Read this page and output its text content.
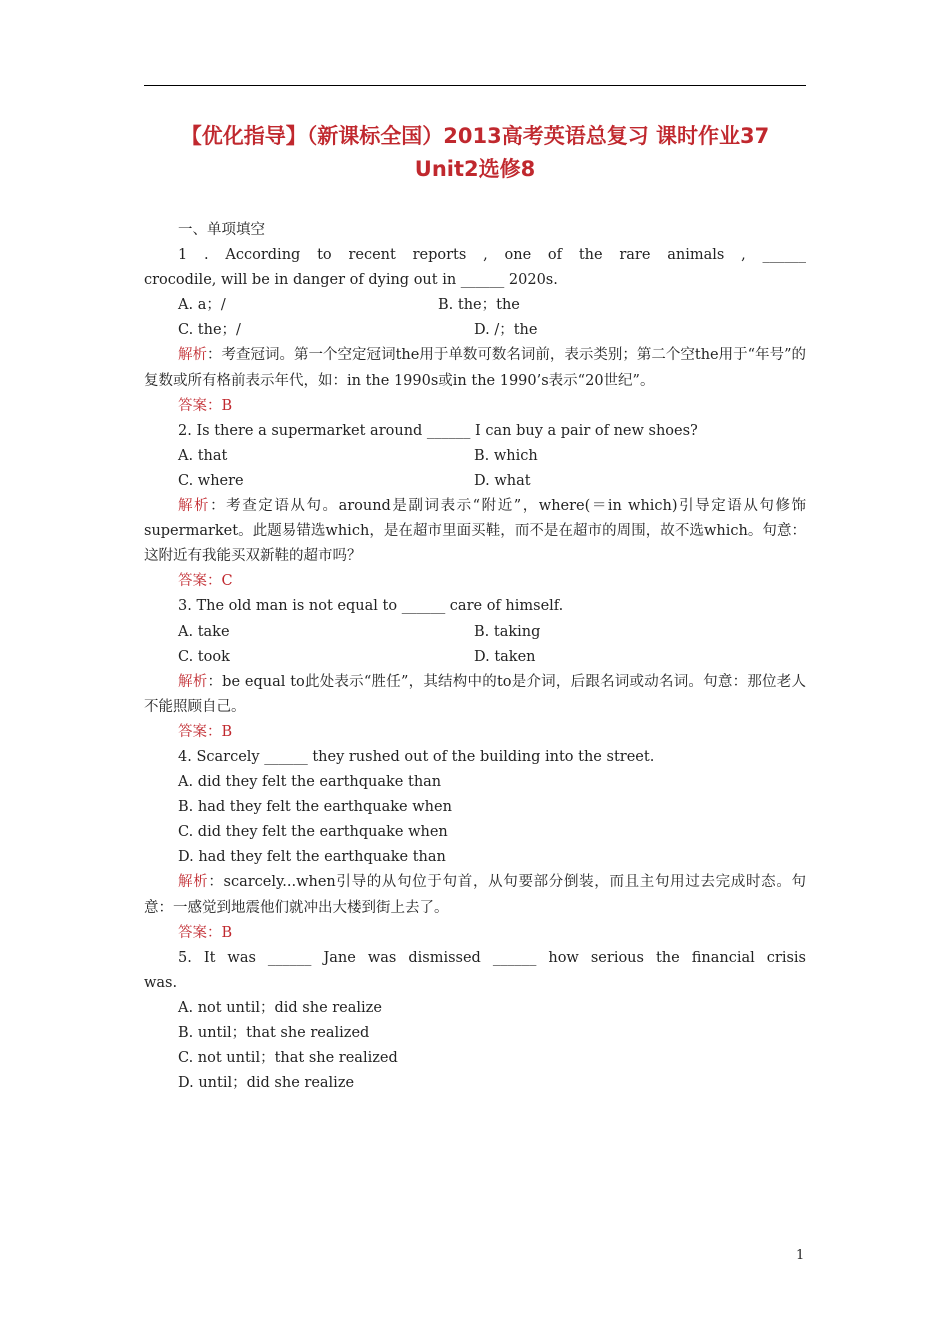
【优化指导】（新课标全国）2013高考英语总复习 课时作业37
Unit2选修8
一、单项填空
1 . According to recent reports , one of the rare animals , ______
crocodile, will be in danger of dying out in ______ 2020s.
A. a；/	B. the；the
C. the；/	D. /；the
解析：考查冠词。第一个空定冠词the用于单数可数名词前，表示类别；第二个空the用于“年号”的复数或所有格前表示年代，如：in the 1990s或in the 1990’s表示“20世纪”。
答案：B
2. Is there a supermarket around ______ I can buy a pair of new shoes?
A. that	B. which
C. where	D. what
解析：考查定语从句。around是副词表示“附近”，where(＝in which)引导定语从句修饰supermarket。此题易错选which，是在超市里面买鞋，而不是在超市的周围，故不选which。句意：这附近有我能买双新鞋的超市吗？
答案：C
3. The old man is not equal to ______ care of himself.
A. take	B. taking
C. took	D. taken
解析：be equal to此处表示“胜任”，其结构中的to是介词，后跟名词或动名词。句意：那位老人不能照顾自己。
答案：B
4. Scarcely ______ they rushed out of the building into the street.
A. did they felt the earthquake than
B. had they felt the earthquake when
C. did they felt the earthquake when
D. had they felt the earthquake than
解析：scarcely...when引导的从句位于句首，从句要部分倒装，而且主句用过去完成时态。句意：一感觉到地震他们就冲出大楼到街上去了。
答案：B
5. It was ______ Jane was dismissed ______ how serious the financial crisis
was.
A. not until；did she realize
B. until；that she realized
C. not until；that she realized
D. until；did she realize
1
